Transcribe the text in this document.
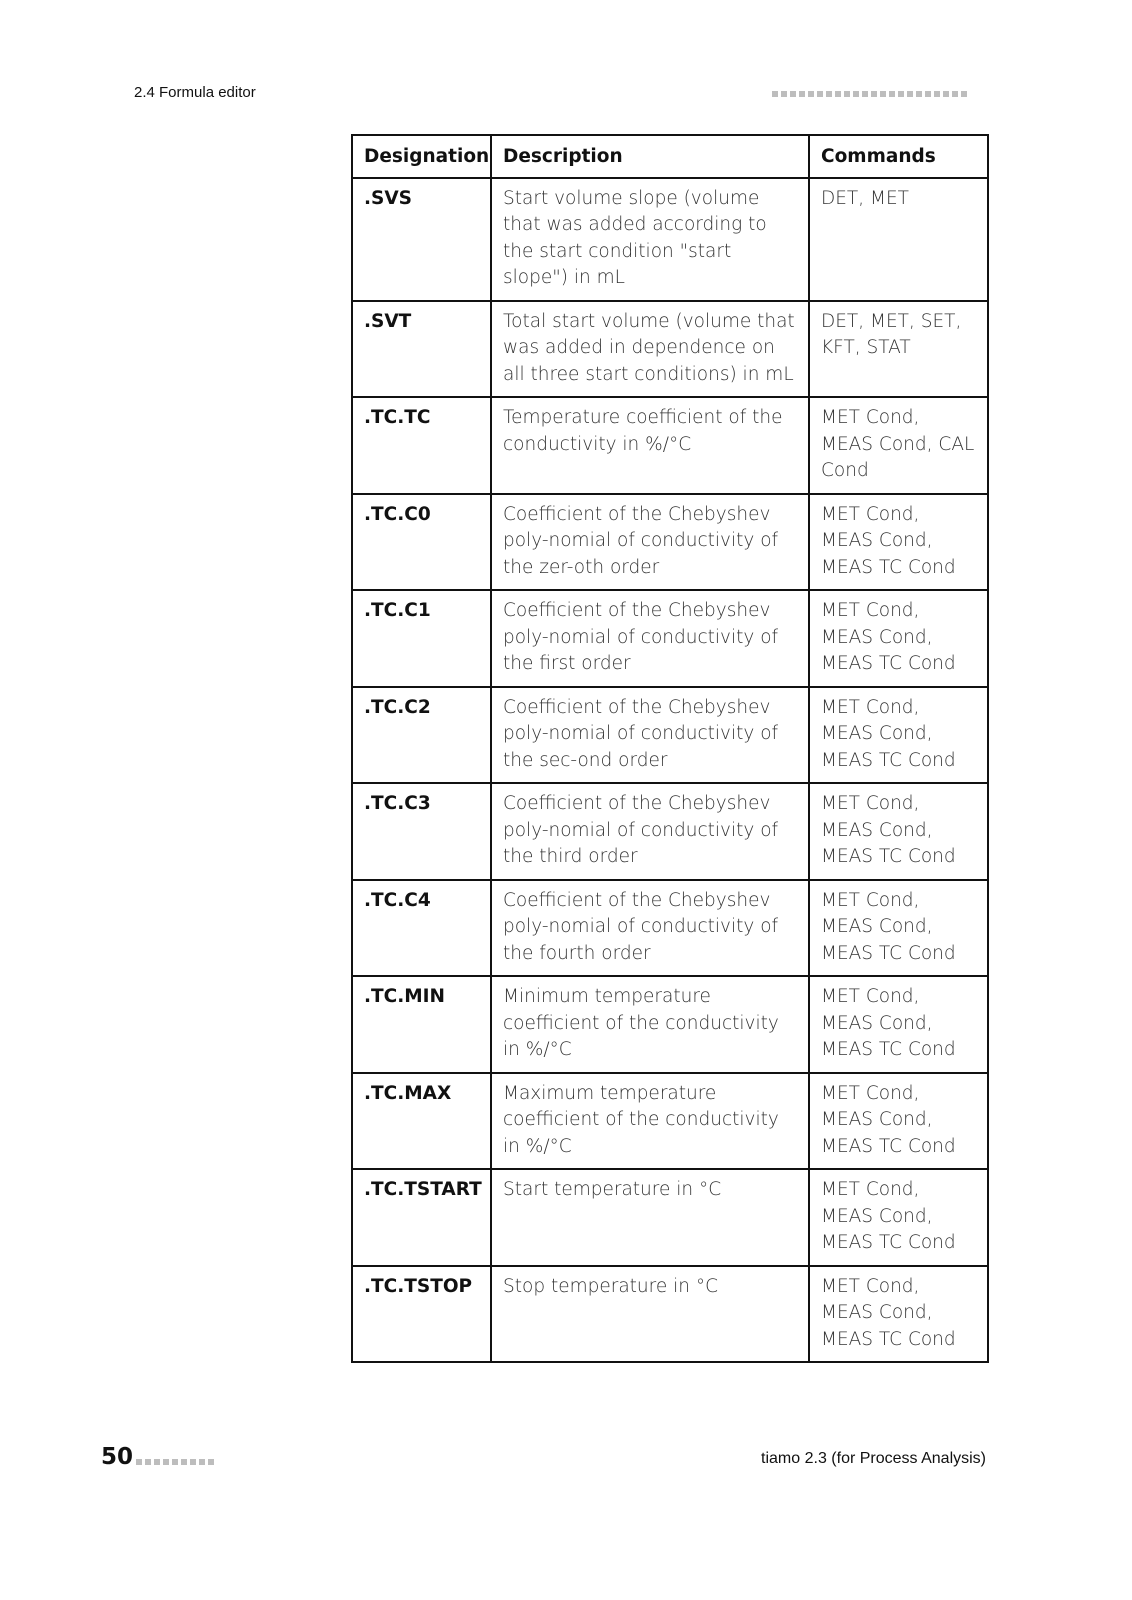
2.4 Formula editor
Designation	Description	Commands
.SVS	Start volume slope (volume that was added according to the start condition "start slope") in mL	DET, MET
.SVT	Total start volume (volume that was added in dependence on all three start conditions) in mL	DET, MET, SET, KFT, STAT
.TC.TC	Temperature coefficient of the conductivity in %/°C	MET Cond, MEAS Cond, CAL Cond
.TC.C0	Coefficient of the Chebyshev poly-nomial of conductivity of the zer-oth order	MET Cond, MEAS Cond, MEAS TC Cond
.TC.C1	Coefficient of the Chebyshev poly-nomial of conductivity of the first order	MET Cond, MEAS Cond, MEAS TC Cond
.TC.C2	Coefficient of the Chebyshev poly-nomial of conductivity of the sec-ond order	MET Cond, MEAS Cond, MEAS TC Cond
.TC.C3	Coefficient of the Chebyshev poly-nomial of conductivity of the third order	MET Cond, MEAS Cond, MEAS TC Cond
.TC.C4	Coefficient of the Chebyshev poly-nomial of conductivity of the fourth order	MET Cond, MEAS Cond, MEAS TC Cond
.TC.MIN	Minimum temperature coefficient of the conductivity in %/°C	MET Cond, MEAS Cond, MEAS TC Cond
.TC.MAX	Maximum temperature coefficient of the conductivity in %/°C	MET Cond, MEAS Cond, MEAS TC Cond
.TC.TSTART	Start temperature in °C	MET Cond, MEAS Cond, MEAS TC Cond
.TC.TSTOP	Stop temperature in °C	MET Cond, MEAS Cond, MEAS TC Cond
50	tiamo 2.3 (for Process Analysis)
